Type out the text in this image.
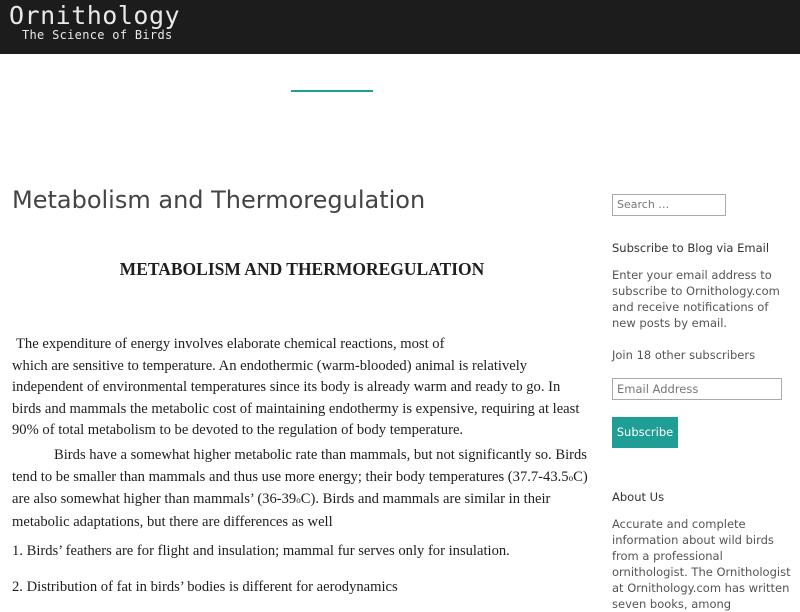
Ornithology
The Science of Birds
Metabolism and Thermoregulation
METABOLISM AND THERMOREGULATION
The expenditure of energy involves elaborate chemical reactions, most of
which are sensitive to temperature. An endothermic (warm-blooded) animal is relatively independent of environmental temperatures since its body is already warm and ready to go. In birds and mammals the metabolic cost of maintaining endothermy is expensive, requiring at least 90% of total metabolism to be devoted to the regulation of body temperature.
Birds have a somewhat higher metabolic rate than mammals, but not significantly so. Birds tend to be smaller than mammals and thus use more energy; their body temperatures (37.7-43.5oC) are also somewhat higher than mammals’ (36-39oC). Birds and mammals are similar in their metabolic adaptations, but there are differences as well
1. Birds’ feathers are for flight and insulation; mammal fur serves only for insulation.
2. Distribution of fat in birds’ bodies is different for aerodynamics
Search …
Subscribe to Blog via Email
Enter your email address to subscribe to Ornithology.com and receive notifications of new posts by email.
Join 18 other subscribers
Email Address
Subscribe
About Us
Accurate and complete information about wild birds from a professional ornithologist. The Ornithologist at Ornithology.com has written seven books, among
